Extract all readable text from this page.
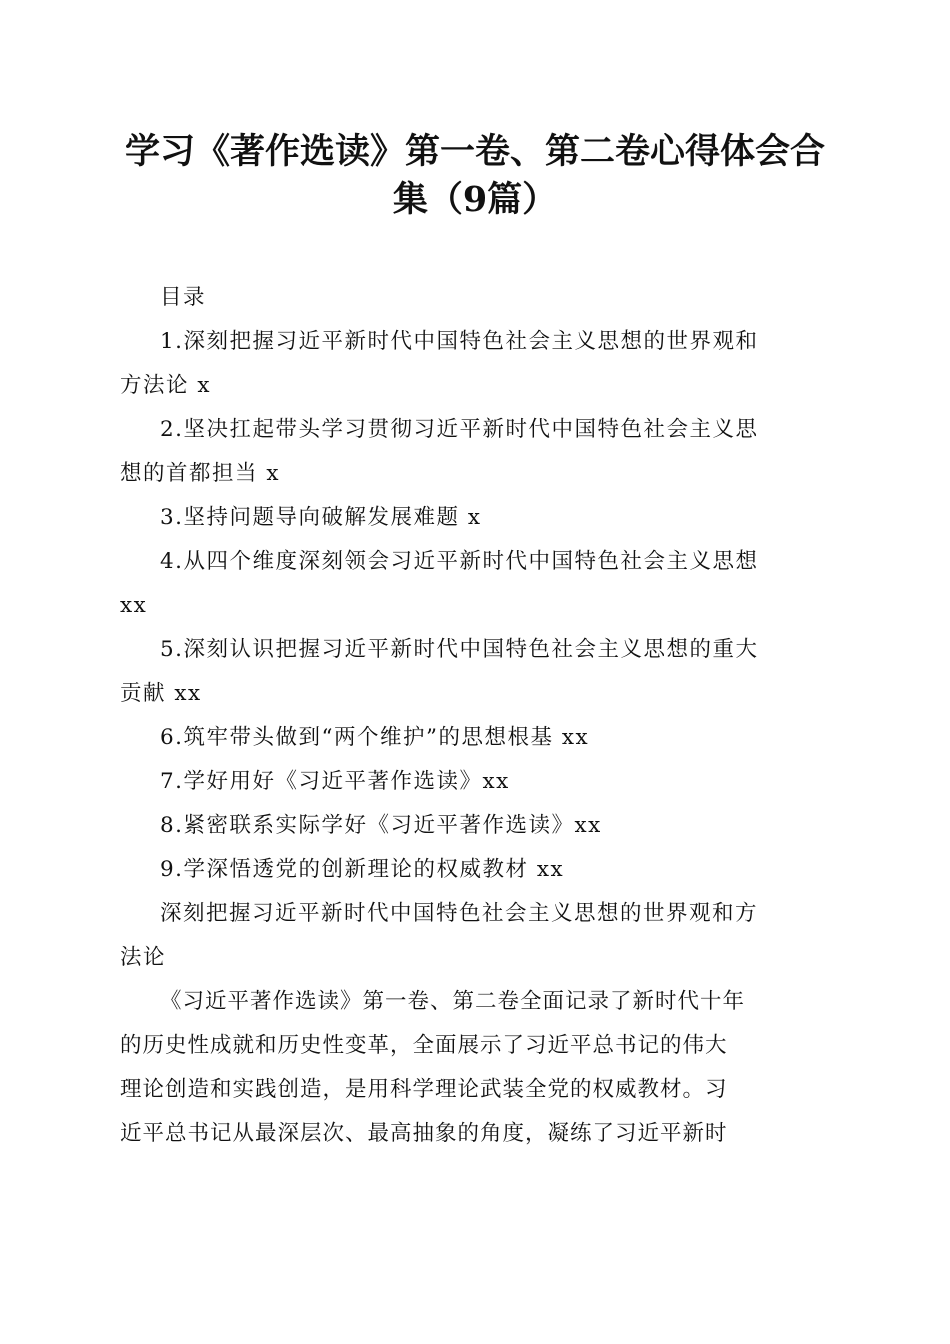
学习《著作选读》第一卷、第二卷心得体会合
集（9篇）
目录
1.深刻把握习近平新时代中国特色社会主义思想的世界观和
方法论 x
2.坚决扛起带头学习贯彻习近平新时代中国特色社会主义思
想的首都担当 x
3.坚持问题导向破解发展难题 x
4.从四个维度深刻领会习近平新时代中国特色社会主义思想
xx
5.深刻认识把握习近平新时代中国特色社会主义思想的重大
贡献 xx
6.筑牢带头做到“两个维护”的思想根基 xx
7.学好用好《习近平著作选读》xx
8.紧密联系实际学好《习近平著作选读》xx
9.学深悟透党的创新理论的权威教材 xx
深刻把握习近平新时代中国特色社会主义思想的世界观和方
法论
《习近平著作选读》第一卷、第二卷全面记录了新时代十年
的历史性成就和历史性变革，全面展示了习近平总书记的伟大
理论创造和实践创造，是用科学理论武装全党的权威教材。习
近平总书记从最深层次、最高抽象的角度，凝练了习近平新时
